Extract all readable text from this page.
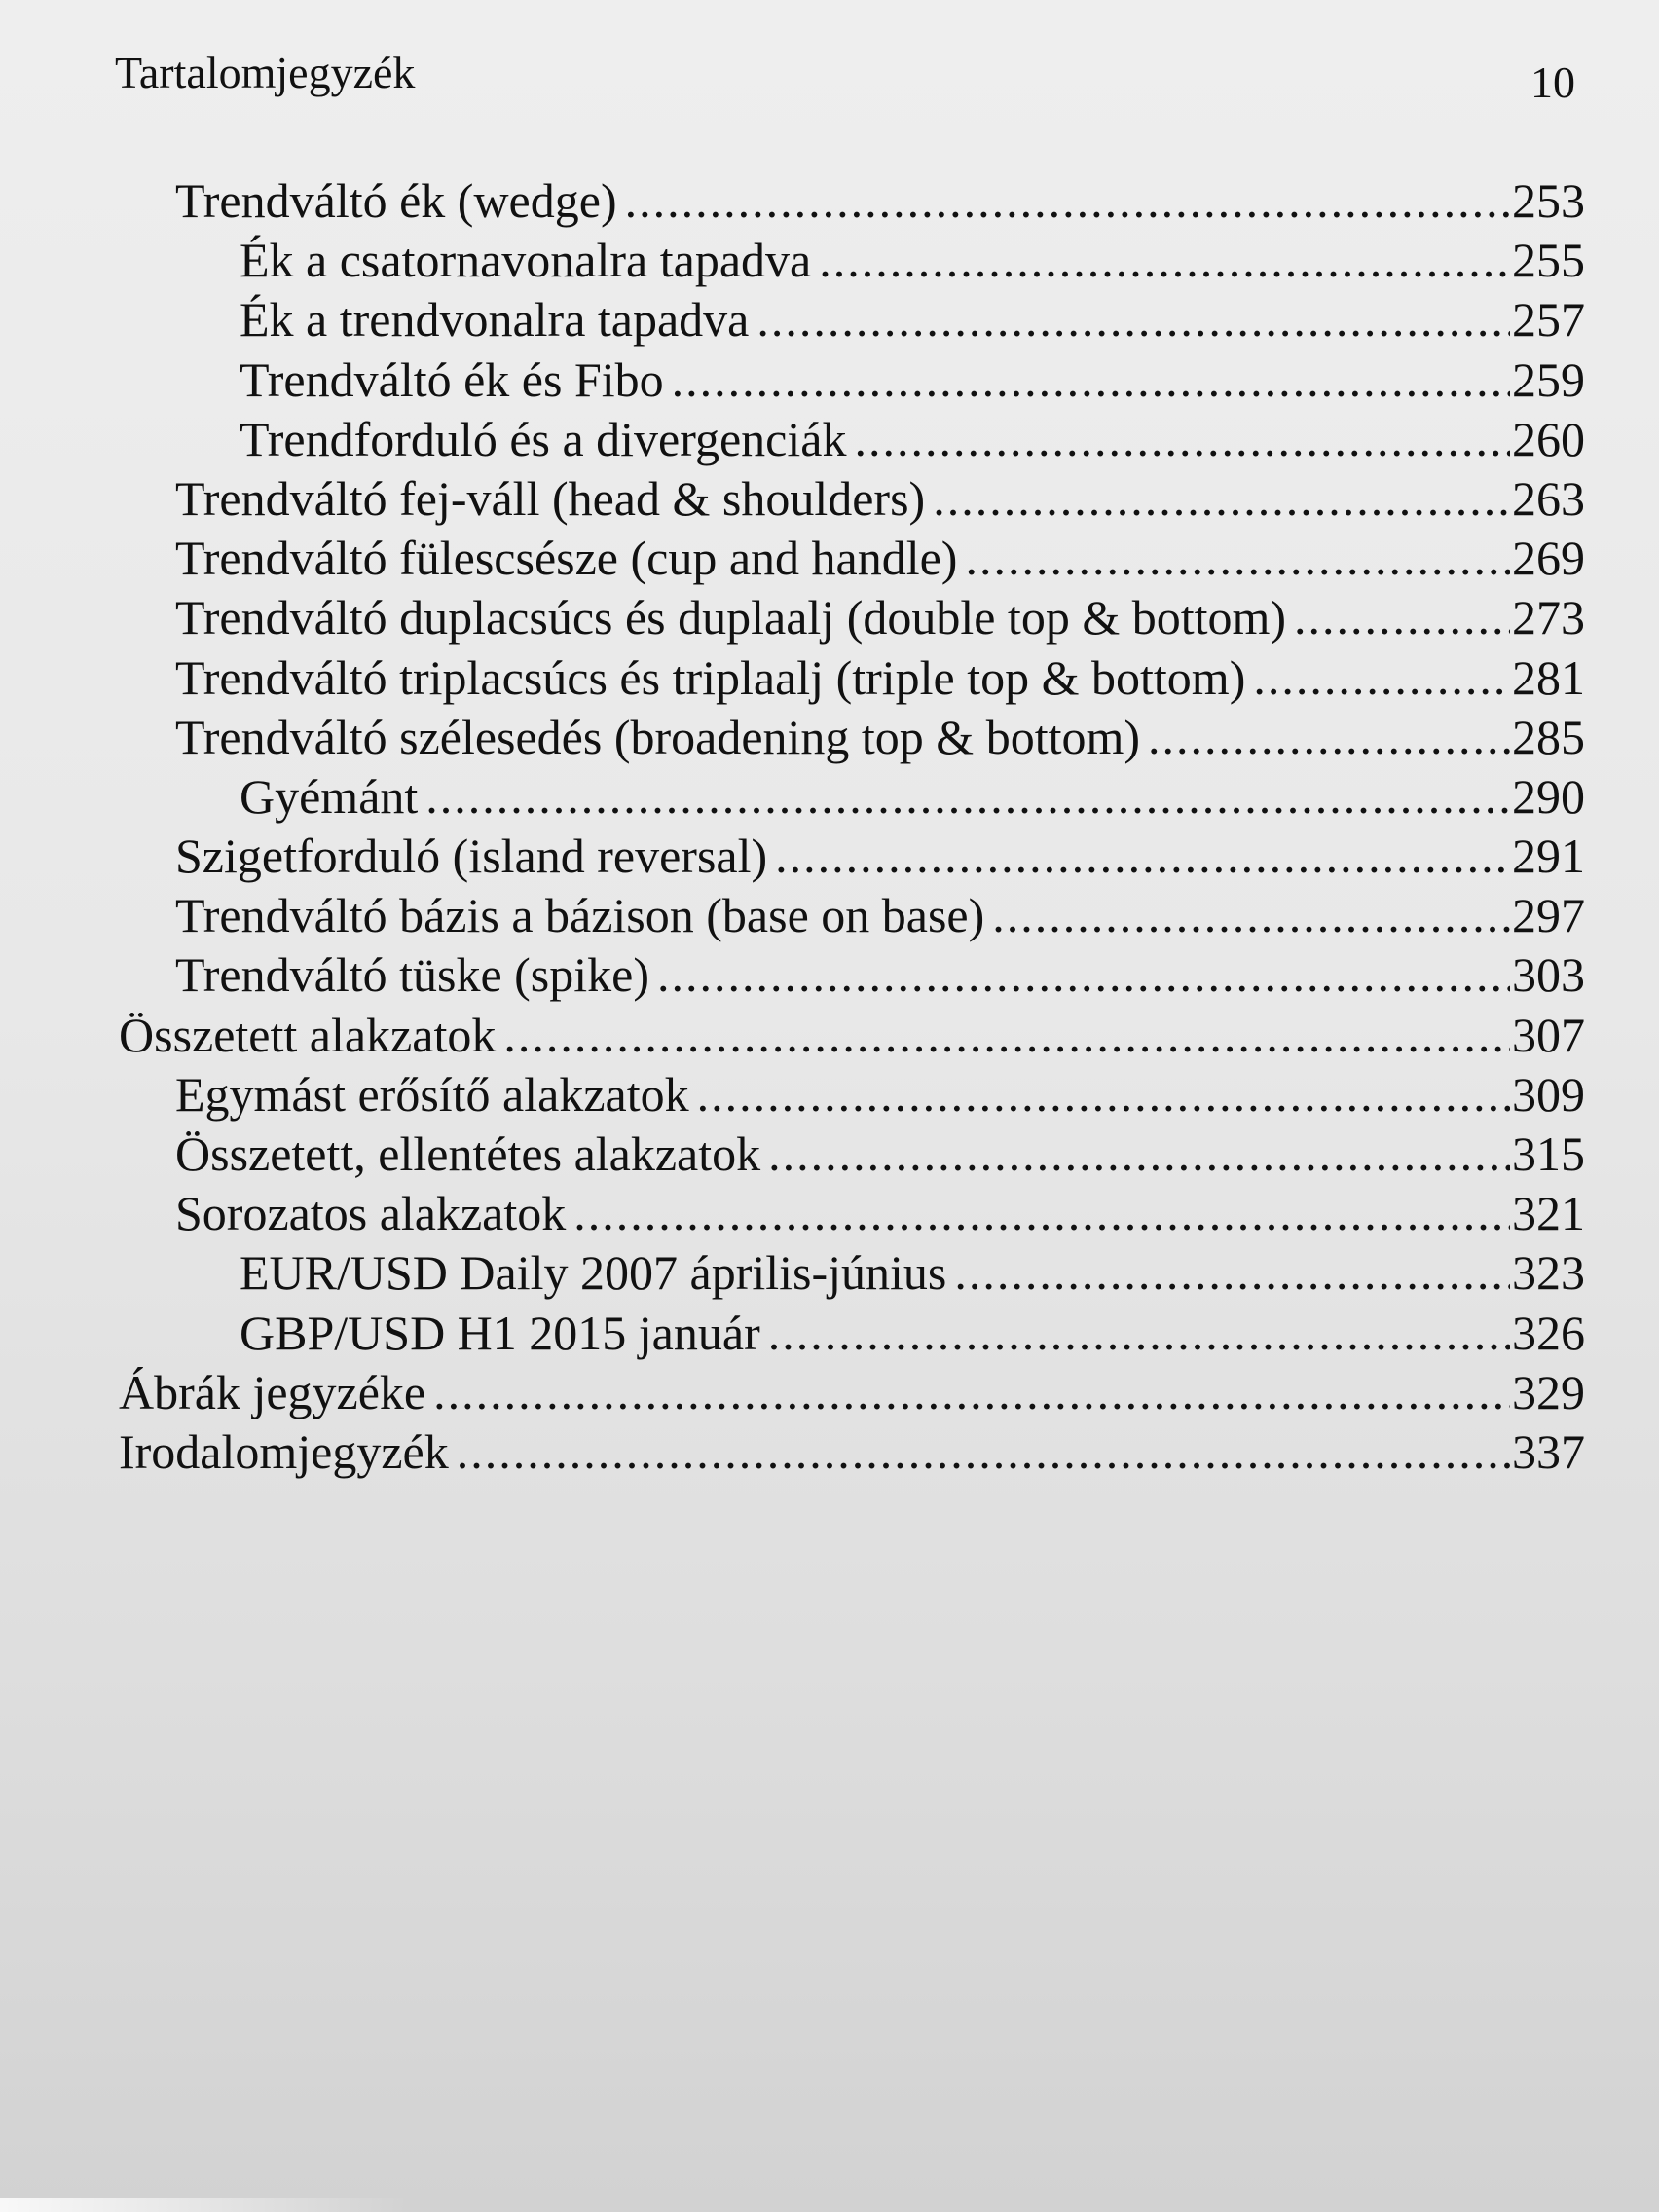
Tartalomjegyzék	10
Trendváltó ék (wedge) .....	253
Ék a csatornavonalra tapadva .....	255
Ék a trendvonalra tapadva .....	257
Trendváltó ék és Fibo .....	259
Trendforduló és a divergenciák .....	260
Trendváltó fej-váll (head & shoulders) .....	263
Trendváltó fülescsésze (cup and handle) .....	269
Trendváltó duplacsúcs és duplaalj (double top & bottom) .....	273
Trendváltó triplacsúcs és triplaalj (triple top & bottom) .....	281
Trendváltó szélesedés (broadening top & bottom) .....	285
Gyémánt .....	290
Szigetforduló (island reversal) .....	291
Trendváltó bázis a bázison (base on base) .....	297
Trendváltó tüske (spike) .....	303
Összetett alakzatok .....	307
Egymást erősítő alakzatok .....	309
Összetett, ellentétes alakzatok .....	315
Sorozatos alakzatok .....	321
EUR/USD Daily 2007 április-június .....	323
GBP/USD H1 2015 január .....	326
Ábrák jegyzéke .....	329
Irodalomjegyzék .....	337
